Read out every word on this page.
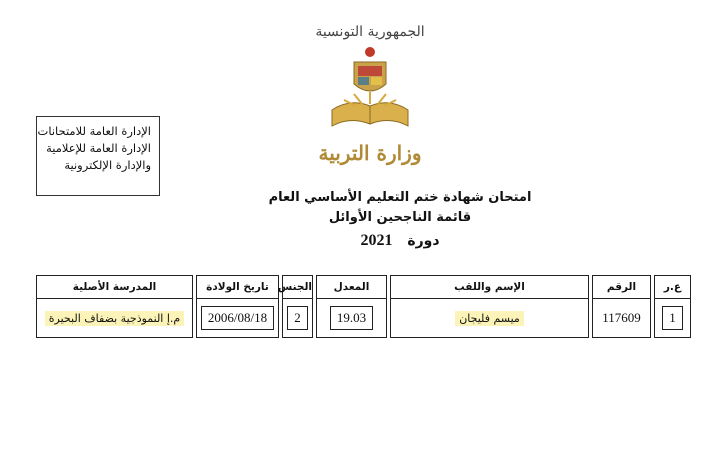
الجمهورية التونسية
وزارة التربية
الإدارة العامة للامتحانات
الإدارة العامة للإعلامية
والإدارة الإلكترونية
امتحان شهادة ختم التعليم الأساسي العام
قائمة الناجحين الأوائل
دورة 2021
ع.ر		الرقم		الإسم واللقب		المعدل		الجنس		تاريخ الولادة		المدرسة الأصلية
1		117609		ميسم فليجان		19.03		2		2006/08/18		م.إ النموذجية بضفاف البحيرة
